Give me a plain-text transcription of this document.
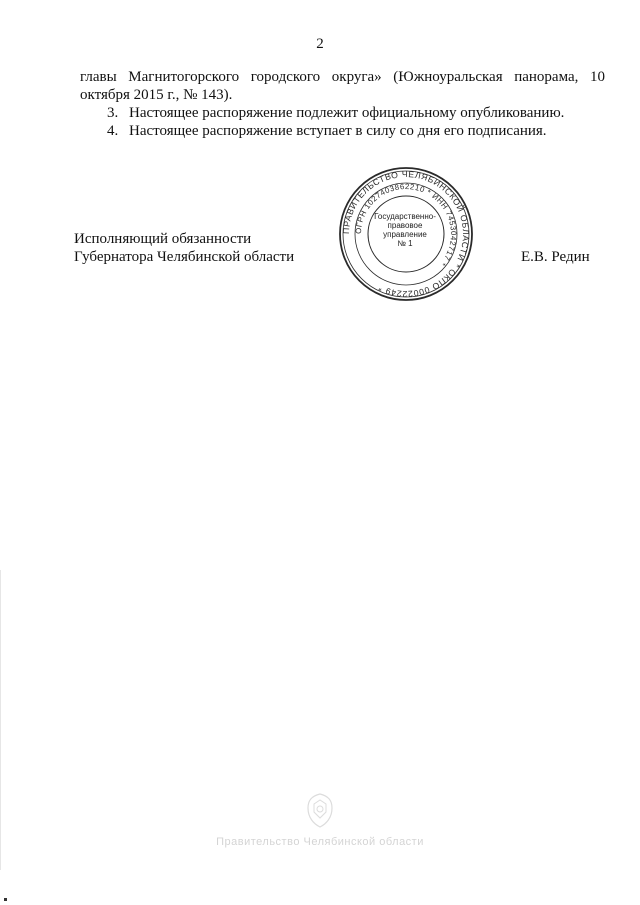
2

главы Магнитогорского городского округа» (Южноуральская панорама, 10 октября 2015 г., № 143).

3. Настоящее распоряжение подлежит официальному опубликованию.

4. Настоящее распоряжение вступает в силу со дня его подписания.

Исполняющий обязанности
Губернатора Челябинской области	Е.В. Редин
ПРАВИТЕЛЬСТВО ЧЕЛЯБИНСКОЙ ОБЛАСТИ * ОКПО 00022249 *
ОГРН 1027403862210 * ИНН 7453042717 *
Государственно-
правовое
управление
№ 1
Правительство Челябинской области
